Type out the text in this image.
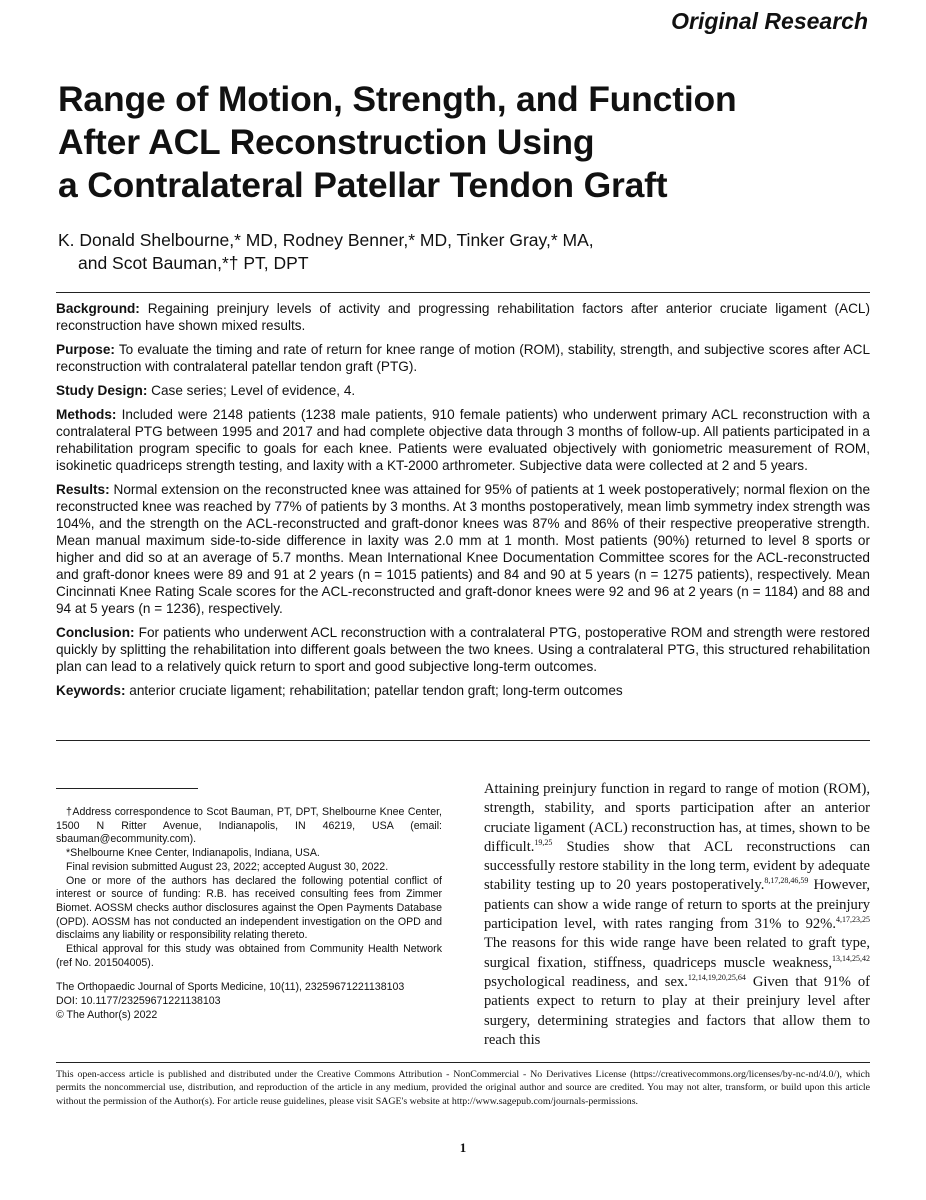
Original Research
Range of Motion, Strength, and Function
After ACL Reconstruction Using
a Contralateral Patellar Tendon Graft
K. Donald Shelbourne,* MD, Rodney Benner,* MD, Tinker Gray,* MA,
and Scot Bauman,*† PT, DPT

Background: Regaining preinjury levels of activity and progressing rehabilitation factors after anterior cruciate ligament (ACL) reconstruction have shown mixed results.

Purpose: To evaluate the timing and rate of return for knee range of motion (ROM), stability, strength, and subjective scores after ACL reconstruction with contralateral patellar tendon graft (PTG).

Study Design: Case series; Level of evidence, 4.

Methods: Included were 2148 patients (1238 male patients, 910 female patients) who underwent primary ACL reconstruction with a contralateral PTG between 1995 and 2017 and had complete objective data through 3 months of follow-up. All patients participated in a rehabilitation program specific to goals for each knee. Patients were evaluated objectively with goniometric measurement of ROM, isokinetic quadriceps strength testing, and laxity with a KT-2000 arthrometer. Subjective data were collected at 2 and 5 years.

Results: Normal extension on the reconstructed knee was attained for 95% of patients at 1 week postoperatively; normal flexion on the reconstructed knee was reached by 77% of patients by 3 months. At 3 months postoperatively, mean limb symmetry index strength was 104%, and the strength on the ACL-reconstructed and graft-donor knees was 87% and 86% of their respective preoperative strength. Mean manual maximum side-to-side difference in laxity was 2.0 mm at 1 month. Most patients (90%) returned to level 8 sports or higher and did so at an average of 5.7 months. Mean International Knee Documentation Committee scores for the ACL-reconstructed and graft-donor knees were 89 and 91 at 2 years (n = 1015 patients) and 84 and 90 at 5 years (n = 1275 patients), respectively. Mean Cincinnati Knee Rating Scale scores for the ACL-reconstructed and graft-donor knees were 92 and 96 at 2 years (n = 1184) and 88 and 94 at 5 years (n = 1236), respectively.

Conclusion: For patients who underwent ACL reconstruction with a contralateral PTG, postoperative ROM and strength were restored quickly by splitting the rehabilitation into different goals between the two knees. Using a contralateral PTG, this structured rehabilitation plan can lead to a relatively quick return to sport and good subjective long-term outcomes.

Keywords: anterior cruciate ligament; rehabilitation; patellar tendon graft; long-term outcomes

†Address correspondence to Scot Bauman, PT, DPT, Shelbourne Knee Center, 1500 N Ritter Avenue, Indianapolis, IN 46219, USA (email: sbauman@ecommunity.com).

*Shelbourne Knee Center, Indianapolis, Indiana, USA.

Final revision submitted August 23, 2022; accepted August 30, 2022.

One or more of the authors has declared the following potential conflict of interest or source of funding: R.B. has received consulting fees from Zimmer Biomet. AOSSM checks author disclosures against the Open Payments Database (OPD). AOSSM has not conducted an independent investigation on the OPD and disclaims any liability or responsibility relating thereto.

Ethical approval for this study was obtained from Community Health Network (ref No. 201504005).

The Orthopaedic Journal of Sports Medicine, 10(11), 23259671221138103

DOI: 10.1177/23259671221138103

© The Author(s) 2022

Attaining preinjury function in regard to range of motion (ROM), strength, stability, and sports participation after an anterior cruciate ligament (ACL) reconstruction has, at times, shown to be difficult.$^{19,25}$ Studies show that ACL reconstructions can successfully restore stability in the long term, evident by adequate stability testing up to 20 years postoperatively.$^{8,17,28,46,59}$ However, patients can show a wide range of return to sports at the preinjury participation level, with rates ranging from 31% to 92%.$^{4,17,23,25}$ The reasons for this wide range have been related to graft type, surgical fixation, stiffness, quadriceps muscle weakness,$^{13,14,25,42}$ psychological readiness, and sex.$^{12,14,19,20,25,64}$ Given that 91% of patients expect to return to play at their preinjury level after surgery, determining strategies and factors that allow them to reach this

This open-access article is published and distributed under the Creative Commons Attribution - NonCommercial - No Derivatives License (https://creativecommons.org/licenses/by-nc-nd/4.0/), which permits the noncommercial use, distribution, and reproduction of the article in any medium, provided the original author and source are credited. You may not alter, transform, or build upon this article without the permission of the Author(s). For article reuse guidelines, please visit SAGE's website at http://www.sagepub.com/journals-permissions.

1
